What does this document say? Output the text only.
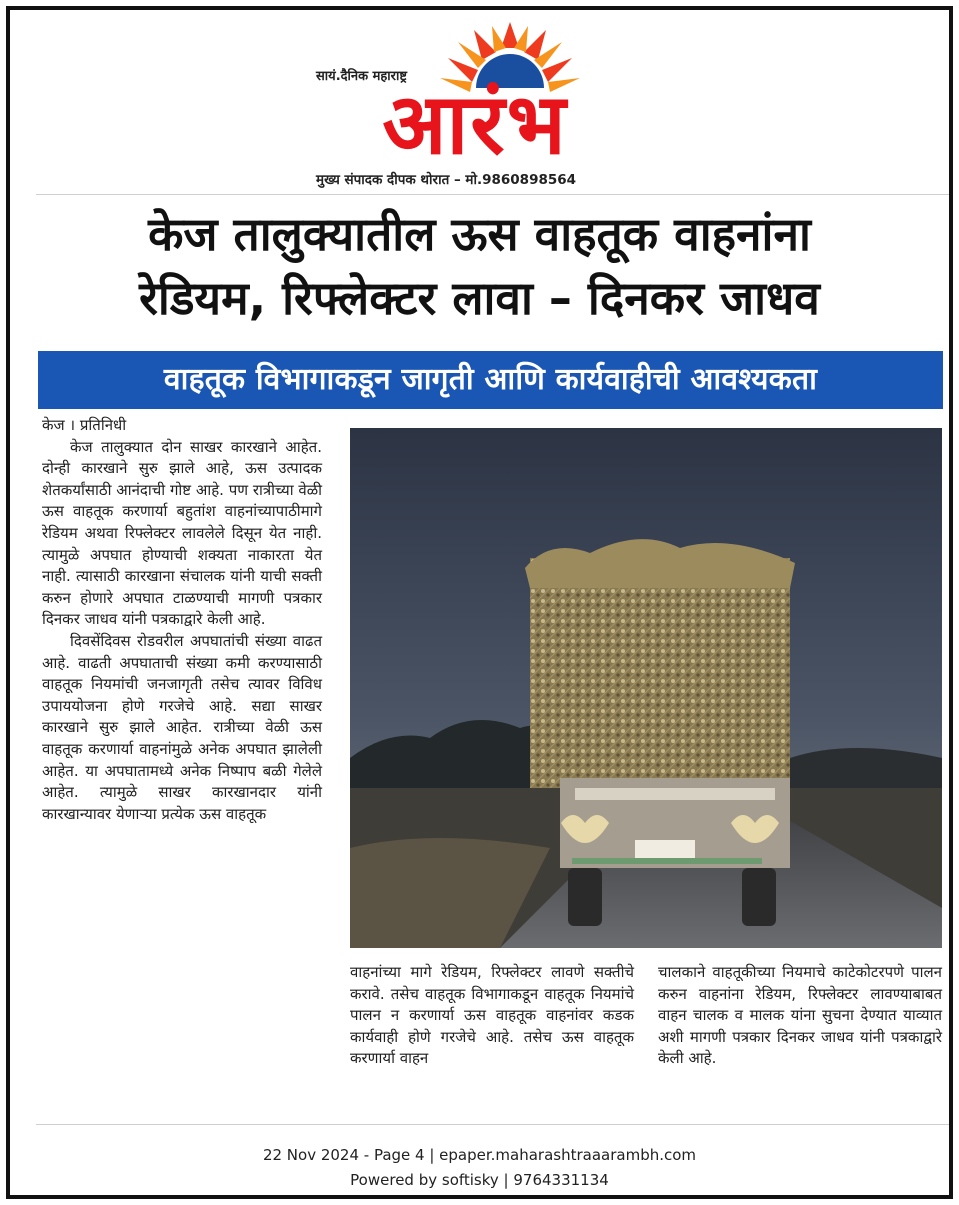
सायं.दैनिक महाराष्ट्र
आरंभ
मुख्य संपादक दीपक थोरात – मो.9860898564
केज तालुक्यातील ऊस वाहतूक वाहनांना
रेडियम, रिफ्लेक्टर लावा – दिनकर जाधव
वाहतूक विभागाकडून जागृती आणि कार्यवाहीची आवश्यकता

केज । प्रतिनिधी

केज तालुक्यात दोन साखर कारखाने आहेत. दोन्ही कारखाने सुरु झाले आहे, ऊस उत्पादक शेतकर्यांसाठी आनंदाची गोष्ट आहे. पण रात्रीच्या वेळी ऊस वाहतूक करणार्या बहुतांश वाहनांच्यापाठीमागे रेडियम अथवा रिफ्लेक्टर लावलेले दिसून येत नाही. त्यामुळे अपघात होण्याची शक्यता नाकारता येत नाही. त्यासाठी कारखाना संचालक यांनी याची सक्ती करुन होणारे अपघात टाळण्याची मागणी पत्रकार दिनकर जाधव यांनी पत्रकाद्वारे केली आहे.

दिवसेंदिवस रोडवरील अपघातांची संख्या वाढत आहे. वाढती अपघाताची संख्या कमी करण्यासाठी वाहतूक नियमांची जनजागृती तसेच त्यावर विविध उपाययोजना होणे गरजेचे आहे. सद्या साखर कारखाने सुरु झाले आहेत. रात्रीच्या वेळी ऊस वाहतूक करणार्या वाहनांमुळे अनेक अपघात झालेली आहेत. या अपघातामध्ये अनेक निष्पाप बळी गेलेले आहेत. त्यामुळे साखर कारखानदार यांनी कारखान्यावर येणाऱ्या प्रत्येक ऊस वाहतूक

वाहनांच्या मागे रेडियम, रिफ्लेक्टर लावणे सक्तीचे करावे. तसेच वाहतूक विभागाकडून वाहतूक नियमांचे पालन न करणार्या ऊस वाहतूक वाहनांवर कडक कार्यवाही होणे गरजेचे आहे. तसेच ऊस वाहतूक करणार्या वाहन

चालकाने वाहतूकीच्या नियमाचे काटेकोटरपणे पालन करुन वाहनांना रेडियम, रिफ्लेक्टर लावण्याबाबत वाहन चालक व मालक यांना सुचना देण्यात याव्यात अशी मागणी पत्रकार दिनकर जाधव यांनी पत्रकाद्वारे केली आहे.

22 Nov 2024 - Page 4 | epaper.maharashtraaarambh.com
Powered by softisky | 9764331134
